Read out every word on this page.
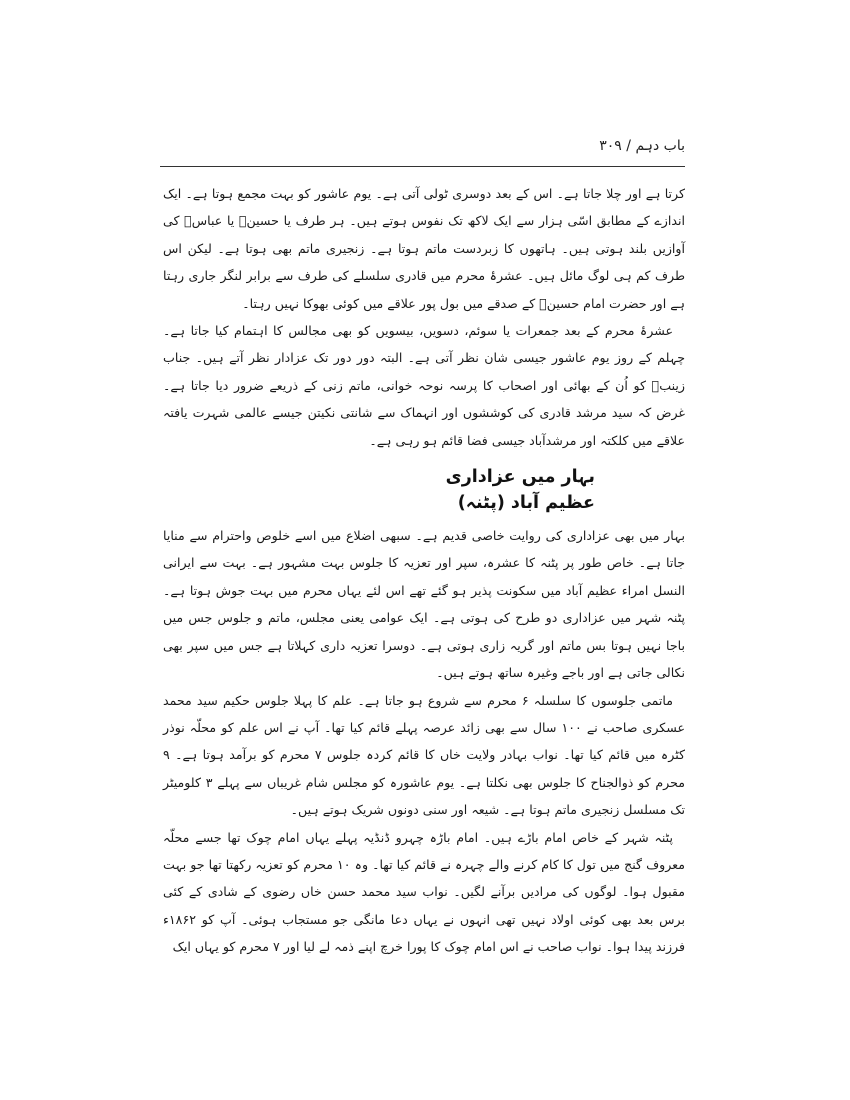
باب دہم / ۳۰۹

کرتا ہے اور چلا جاتا ہے۔ اس کے بعد دوسری ٹولی آتی ہے۔ یوم عاشور کو بہت مجمع ہوتا ہے۔ ایک اندازے کے مطابق اسّی ہزار سے ایک لاکھ تک نفوس ہوتے ہیں۔ ہر طرف یا حسینؑ یا عباسؑ کی آوازیں بلند ہوتی ہیں۔ ہاتھوں کا زبردست ماتم ہوتا ہے۔ زنجیری ماتم بھی ہوتا ہے۔ لیکن اس طرف کم ہی لوگ مائل ہیں۔ عشرۂ محرم میں قادری سلسلے کی طرف سے برابر لنگر جاری رہتا ہے اور حضرت امام حسینؑ کے صدقے میں بول پور علاقے میں کوئی بھوکا نہیں رہتا۔

عشرۂ محرم کے بعد جمعرات یا سوئم، دسویں، بیسویں کو بھی مجالس کا اہتمام کیا جاتا ہے۔ چہلم کے روز یوم عاشور جیسی شان نظر آتی ہے۔ البتہ دور دور تک عزادار نظر آتے ہیں۔ جناب زینبؑ کو اُن کے بھائی اور اصحاب کا پرسہ نوحہ خوانی، ماتم زنی کے ذریعے ضرور دیا جاتا ہے۔ غرض کہ سید مرشد قادری کی کوششوں اور انہماک سے شانتی نکیتن جیسے عالمی شہرت یافتہ علاقے میں کلکتہ اور مرشدآباد جیسی فضا قائم ہو رہی ہے۔

بہار میں عزاداری
عظیم آباد (پٹنہ)

بہار میں بھی عزاداری کی روایت خاصی قدیم ہے۔ سبھی اضلاع میں اسے خلوص واحترام سے منایا جاتا ہے۔ خاص طور پر پٹنہ کا عشرہ، سپر اور تعزیہ کا جلوس بہت مشہور ہے۔ بہت سے ایرانی النسل امراء عظیم آباد میں سکونت پذیر ہو گئے تھے اس لئے یہاں محرم میں بہت جوش ہوتا ہے۔ پٹنہ شہر میں عزاداری دو طرح کی ہوتی ہے۔ ایک عوامی یعنی مجلس، ماتم و جلوس جس میں باجا نہیں ہوتا بس ماتم اور گریہ زاری ہوتی ہے۔ دوسرا تعزیہ داری کہلاتا ہے جس میں سپر بھی نکالی جاتی ہے اور باجے وغیرہ ساتھ ہوتے ہیں۔

ماتمی جلوسوں کا سلسلہ ۶ محرم سے شروع ہو جاتا ہے۔ علم کا پہلا جلوس حکیم سید محمد عسکری صاحب نے ۱۰۰ سال سے بھی زائد عرصہ پہلے قائم کیا تھا۔ آپ نے اس علم کو محلّہ نوذر کٹرہ میں قائم کیا تھا۔ نواب بہادر ولایت خاں کا قائم کردہ جلوس ۷ محرم کو برآمد ہوتا ہے۔ ۹ محرم کو ذوالجناح کا جلوس بھی نکلتا ہے۔ یوم عاشورہ کو مجلس شام غریباں سے پہلے ۳ کلومیٹر تک مسلسل زنجیری ماتم ہوتا ہے۔ شیعہ اور سنی دونوں شریک ہوتے ہیں۔

پٹنہ شہر کے خاص امام باڑے ہیں۔ امام باڑہ چہرو ڈنڈیہ پہلے یہاں امام چوک تھا جسے محلّہ معروف گنج میں تول کا کام کرنے والے چہرہ نے قائم کیا تھا۔ وہ ۱۰ محرم کو تعزیہ رکھتا تھا جو بہت مقبول ہوا۔ لوگوں کی مرادیں برآنے لگیں۔ نواب سید محمد حسن خاں رضوی کے شادی کے کئی برس بعد بھی کوئی اولاد نہیں تھی انہوں نے یہاں دعا مانگی جو مستجاب ہوئی۔ آپ کو ۱۸۶۲ء فرزند پیدا ہوا۔ نواب صاحب نے اس امام چوک کا پورا خرچ اپنے ذمہ لے لیا اور ۷ محرم کو یہاں ایک
